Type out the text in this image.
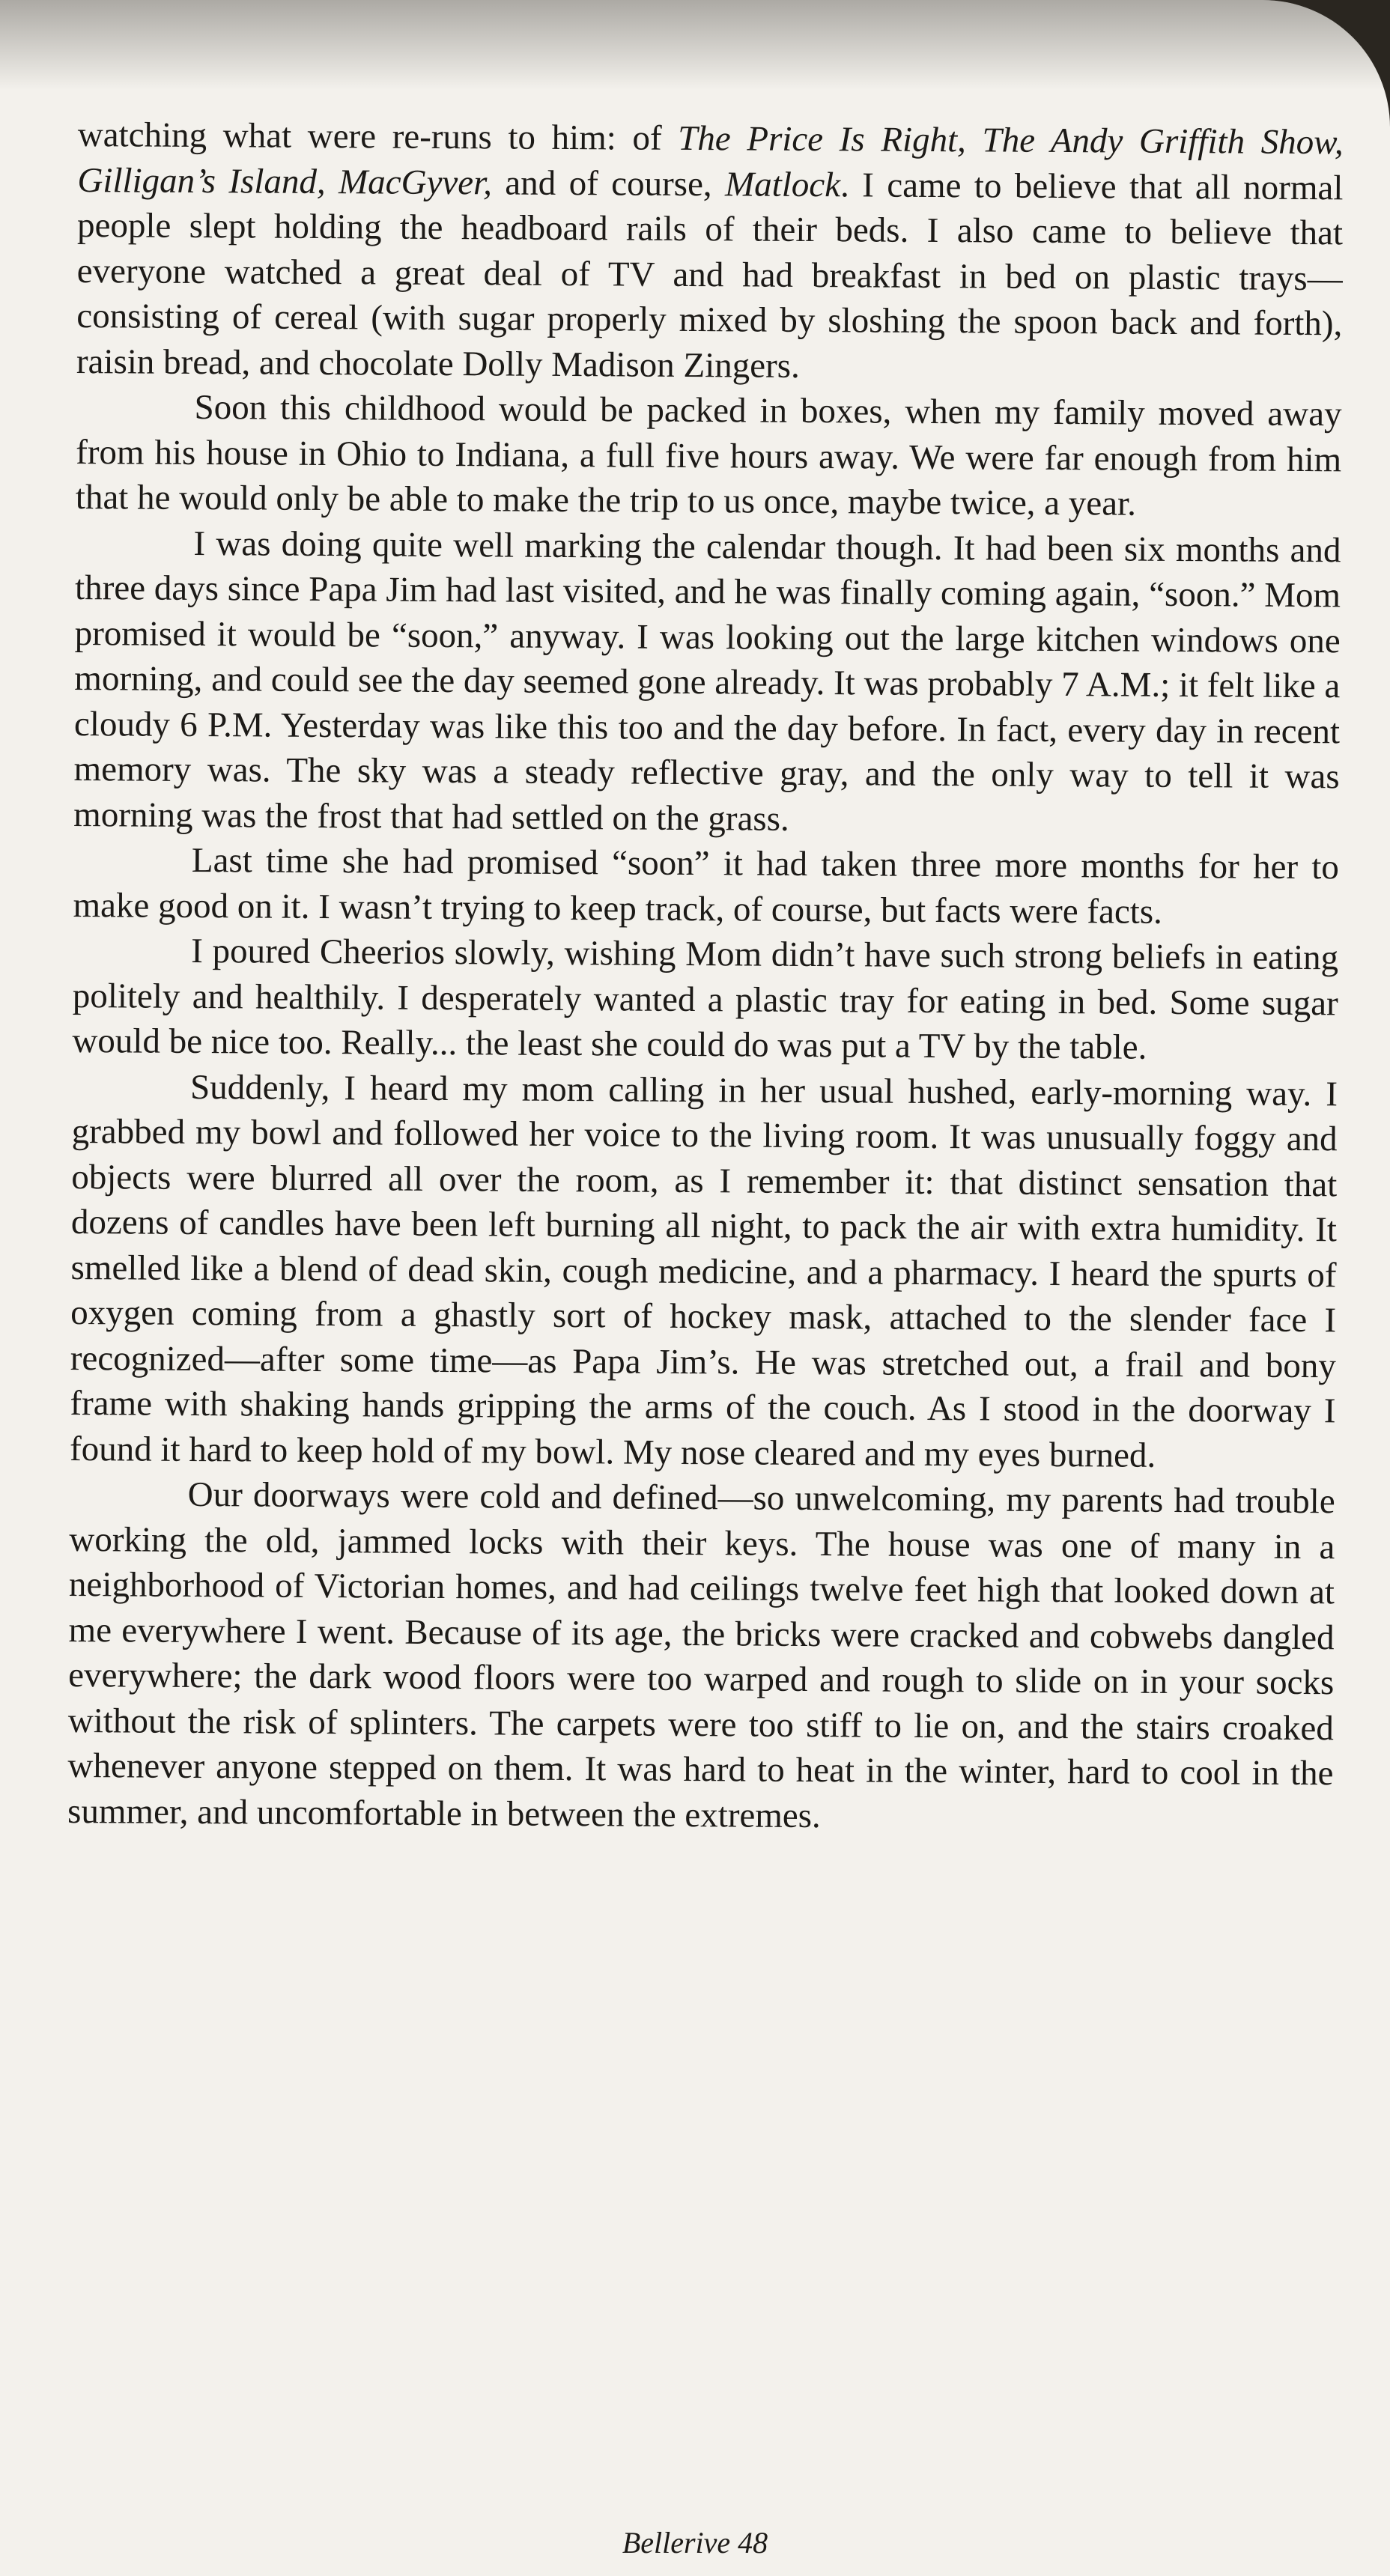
watching what were re-runs to him: of The Price Is Right, The Andy Griffith Show, Gilligan’s Island, MacGyver, and of course, Matlock. I came to believe that all normal people slept holding the headboard rails of their beds. I also came to believe that everyone watched a great deal of TV and had breakfast in bed on plastic trays—consisting of cereal (with sugar properly mixed by sloshing the spoon back and forth), raisin bread, and chocolate Dolly Madison Zingers.

Soon this childhood would be packed in boxes, when my family moved away from his house in Ohio to Indiana, a full five hours away. We were far enough from him that he would only be able to make the trip to us once, maybe twice, a year.

I was doing quite well marking the calendar though. It had been six months and three days since Papa Jim had last visited, and he was finally coming again, “soon.” Mom promised it would be “soon,” anyway. I was looking out the large kitchen windows one morning, and could see the day seemed gone already. It was probably 7 A.M.; it felt like a cloudy 6 P.M. Yesterday was like this too and the day before. In fact, every day in recent memory was. The sky was a steady reflective gray, and the only way to tell it was morning was the frost that had settled on the grass.

Last time she had promised “soon” it had taken three more months for her to make good on it. I wasn’t trying to keep track, of course, but facts were facts.

I poured Cheerios slowly, wishing Mom didn’t have such strong beliefs in eating politely and healthily. I desperately wanted a plastic tray for eating in bed. Some sugar would be nice too. Really... the least she could do was put a TV by the table.

Suddenly, I heard my mom calling in her usual hushed, early-morning way. I grabbed my bowl and followed her voice to the living room. It was unusually foggy and objects were blurred all over the room, as I remember it: that distinct sensation that dozens of candles have been left burning all night, to pack the air with extra humidity. It smelled like a blend of dead skin, cough medicine, and a pharmacy. I heard the spurts of oxygen coming from a ghastly sort of hockey mask, attached to the slender face I recognized—after some time—as Papa Jim’s. He was stretched out, a frail and bony frame with shaking hands gripping the arms of the couch. As I stood in the doorway I found it hard to keep hold of my bowl. My nose cleared and my eyes burned.

Our doorways were cold and defined—so unwelcoming, my parents had trouble working the old, jammed locks with their keys. The house was one of many in a neighborhood of Victorian homes, and had ceilings twelve feet high that looked down at me everywhere I went. Because of its age, the bricks were cracked and cobwebs dangled everywhere; the dark wood floors were too warped and rough to slide on in your socks without the risk of splinters. The carpets were too stiff to lie on, and the stairs croaked whenever anyone stepped on them. It was hard to heat in the winter, hard to cool in the summer, and uncomfortable in between the extremes.

Bellerive 48
